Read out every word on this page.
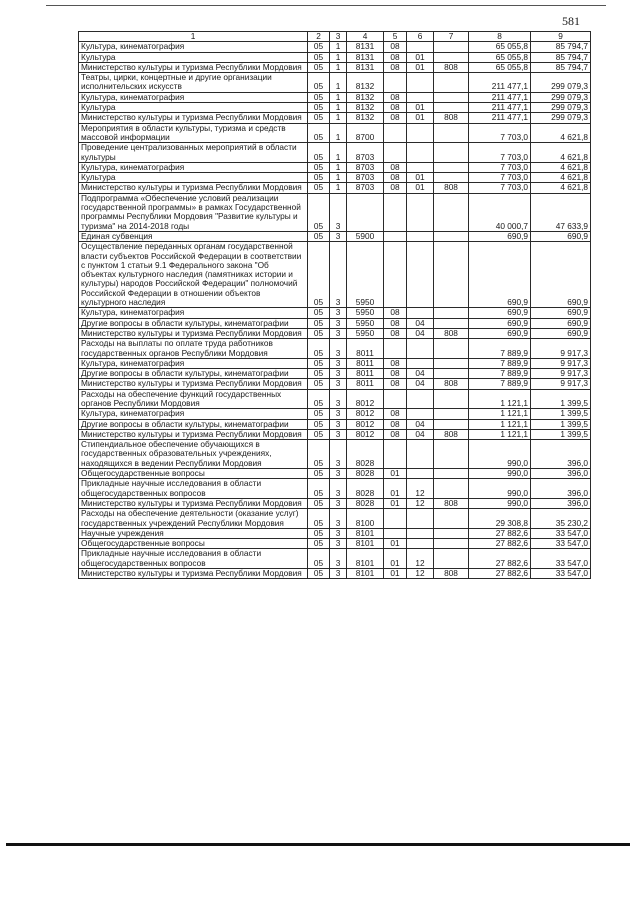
581
1	2	3	4	5	6	7	8	9
Культура, кинематография	05	1	8131	08			65 055,8	85 794,7
Культура	05	1	8131	08	01		65 055,8	85 794,7
Министерство культуры и туризма Республики Мордовия	05	1	8131	08	01	808	65 055,8	85 794,7
Театры, цирки, концертные и другие организации исполнительских искусств	05	1	8132				211 477,1	299 079,3
Культура, кинематография	05	1	8132	08			211 477,1	299 079,3
Культура	05	1	8132	08	01		211 477,1	299 079,3
Министерство культуры и туризма Республики Мордовия	05	1	8132	08	01	808	211 477,1	299 079,3
Мероприятия в области культуры, туризма и средств массовой информации	05	1	8700				7 703,0	4 621,8
Проведение централизованных мероприятий в области культуры	05	1	8703				7 703,0	4 621,8
Культура, кинематография	05	1	8703	08			7 703,0	4 621,8
Культура	05	1	8703	08	01		7 703,0	4 621,8
Министерство культуры и туризма Республики Мордовия	05	1	8703	08	01	808	7 703,0	4 621,8
Подпрограмма «Обеспечение условий реализации государственной программы» в рамках Государственной программы Республики Мордовия "Развитие культуры и туризма" на 2014-2018 годы	05	3					40 000,7	47 633,9
Единая субвенция	05	3	5900				690,9	690,9
Осуществление переданных органам государственной власти субъектов Российской Федерации в соответствии с пунктом 1 статьи 9.1 Федерального закона "Об объектах культурного наследия (памятниках истории и культуры) народов Российской Федерации" полномочий Российской Федерации в отношении объектов культурного наследия	05	3	5950				690,9	690,9
Культура, кинематография	05	3	5950	08			690,9	690,9
Другие вопросы в области культуры, кинематографии	05	3	5950	08	04		690,9	690,9
Министерство культуры и туризма Республики Мордовия	05	3	5950	08	04	808	690,9	690,9
Расходы на выплаты по оплате труда работников государственных органов Республики Мордовия	05	3	8011				7 889,9	9 917,3
Культура, кинематография	05	3	8011	08			7 889,9	9 917,3
Другие вопросы в области культуры, кинематографии	05	3	8011	08	04		7 889,9	9 917,3
Министерство культуры и туризма Республики Мордовия	05	3	8011	08	04	808	7 889,9	9 917,3
Расходы на обеспечение функций государственных органов Республики Мордовия	05	3	8012				1 121,1	1 399,5
Культура, кинематография	05	3	8012	08			1 121,1	1 399,5
Другие вопросы в области культуры, кинематографии	05	3	8012	08	04		1 121,1	1 399,5
Министерство культуры и туризма Республики Мордовия	05	3	8012	08	04	808	1 121,1	1 399,5
Стипендиальное обеспечение обучающихся в государственных образовательных учреждениях, находящихся в ведении Республики Мордовия	05	3	8028				990,0	396,0
Общегосударственные вопросы	05	3	8028	01			990,0	396,0
Прикладные научные исследования в области общегосударственных вопросов	05	3	8028	01	12		990,0	396,0
Министерство культуры и туризма Республики Мордовия	05	3	8028	01	12	808	990,0	396,0
Расходы на обеспечение деятельности (оказание услуг) государственных учреждений Республики Мордовия	05	3	8100				29 308,8	35 230,2
Научные учреждения	05	3	8101				27 882,6	33 547,0
Общегосударственные вопросы	05	3	8101	01			27 882,6	33 547,0
Прикладные научные исследования в области общегосударственных вопросов	05	3	8101	01	12		27 882,6	33 547,0
Министерство культуры и туризма Республики Мордовия	05	3	8101	01	12	808	27 882,6	33 547,0
